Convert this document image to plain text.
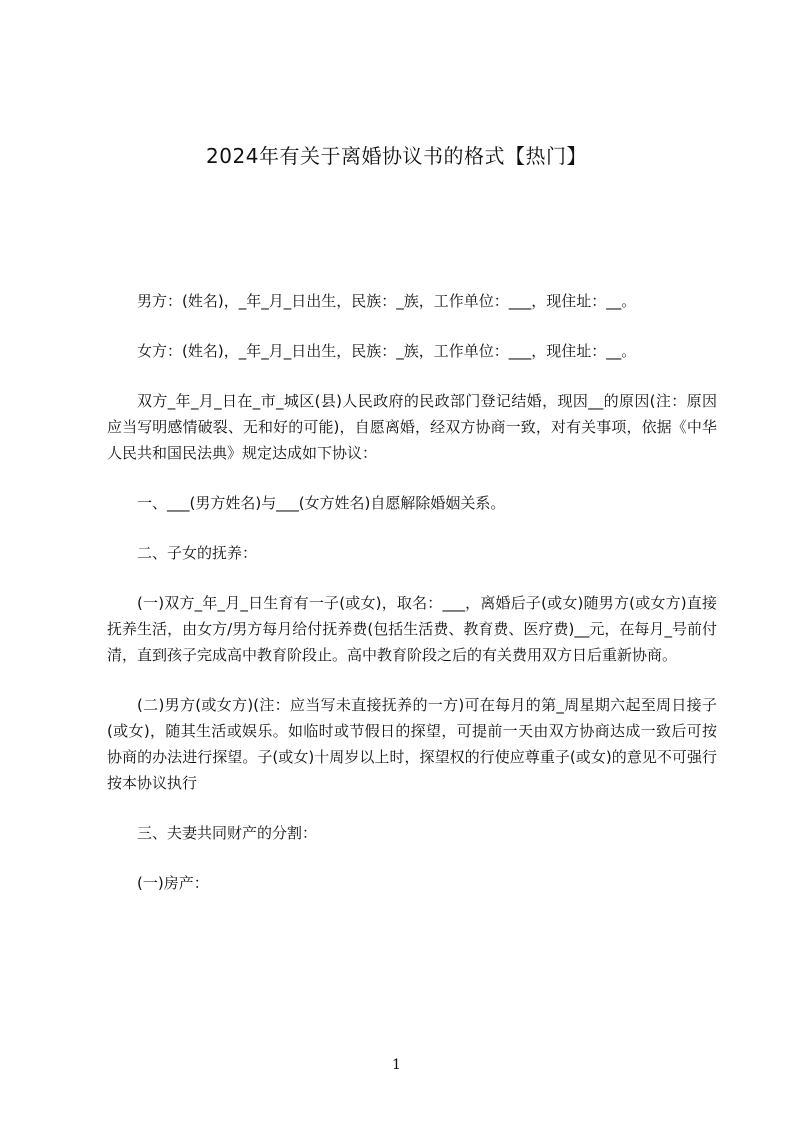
2024年有关于离婚协议书的格式【热门】

男方：(姓名)，_年_月_日出生，民族：_族，工作单位：___，现住址：__。

女方：(姓名)，_年_月_日出生，民族：_族，工作单位：___，现住址：__。

双方_年_月_日在_市_城区(县)人民政府的民政部门登记结婚，现因__的原因(注：原因应当写明感情破裂、无和好的可能)，自愿离婚，经双方协商一致，对有关事项，依据《中华人民共和国民法典》规定达成如下协议：

一、___(男方姓名)与___(女方姓名)自愿解除婚姻关系。

二、子女的抚养：

(一)双方_年_月_日生育有一子(或女)，取名：___，离婚后子(或女)随男方(或女方)直接抚养生活，由女方/男方每月给付抚养费(包括生活费、教育费、医疗费)__元，在每月_号前付清，直到孩子完成高中教育阶段止。高中教育阶段之后的有关费用双方日后重新协商。

(二)男方(或女方)(注：应当写未直接抚养的一方)可在每月的第_周星期六起至周日接子(或女)，随其生活或娱乐。如临时或节假日的探望，可提前一天由双方协商达成一致后可按协商的办法进行探望。子(或女)十周岁以上时，探望权的行使应尊重子(或女)的意见不可强行按本协议执行

三、夫妻共同财产的分割：

(一)房产：

1
